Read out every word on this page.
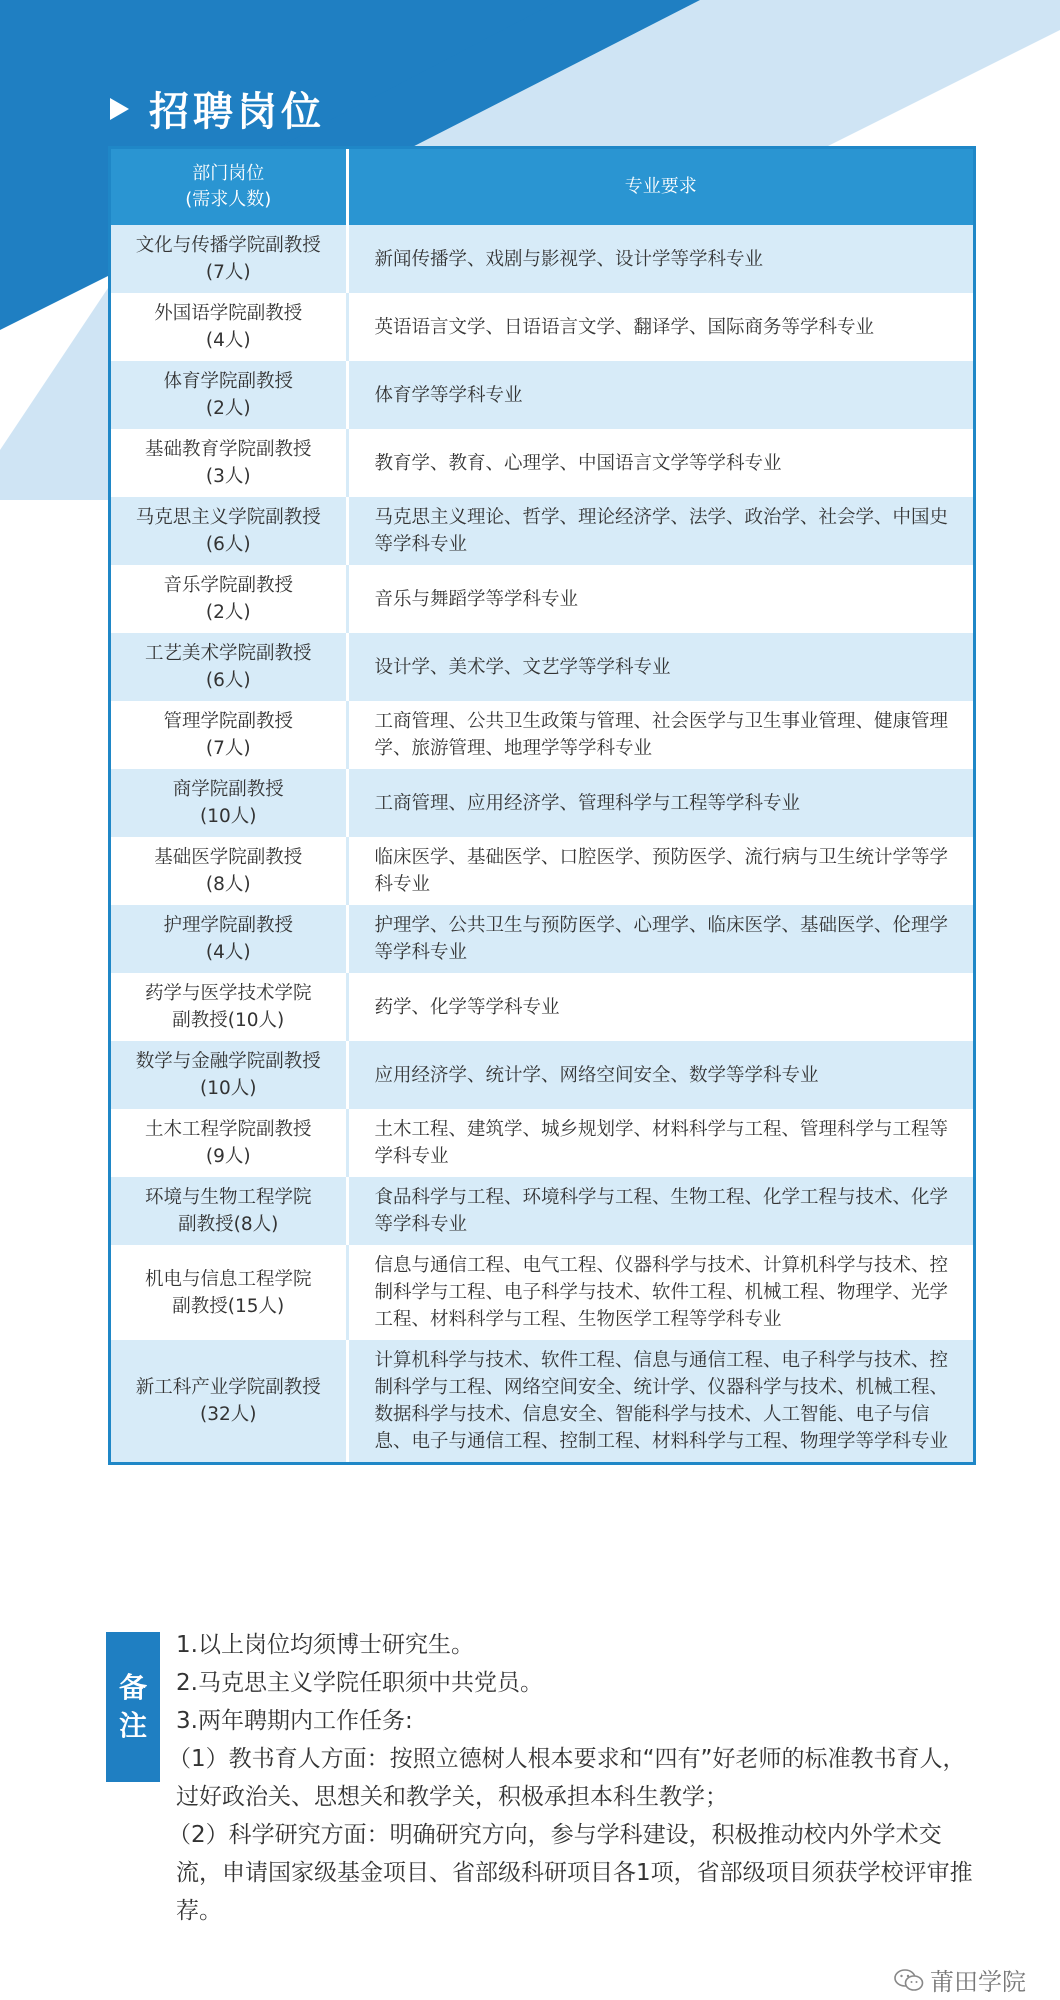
招聘岗位
部门岗位
(需求人数)	专业要求

文化与传播学院副教授
(7人)	新闻传播学、戏剧与影视学、设计学等学科专业

外国语学院副教授
(4人)	英语语言文学、日语语言文学、翻译学、国际商务等学科专业

体育学院副教授
(2人)	体育学等学科专业

基础教育学院副教授
(3人)	教育学、教育、心理学、中国语言文学等学科专业

马克思主义学院副教授
(6人)	马克思主义理论、哲学、理论经济学、法学、政治学、社会学、中国史等学科专业

音乐学院副教授
(2人)	音乐与舞蹈学等学科专业

工艺美术学院副教授
(6人)	设计学、美术学、文艺学等学科专业

管理学院副教授
(7人)	工商管理、公共卫生政策与管理、社会医学与卫生事业管理、健康管理学、旅游管理、地理学等学科专业

商学院副教授
(10人)	工商管理、应用经济学、管理科学与工程等学科专业

基础医学院副教授
(8人)	临床医学、基础医学、口腔医学、预防医学、流行病与卫生统计学等学科专业

护理学院副教授
(4人)	护理学、公共卫生与预防医学、心理学、临床医学、基础医学、伦理学等学科专业

药学与医学技术学院
副教授(10人)	药学、化学等学科专业

数学与金融学院副教授
(10人)	应用经济学、统计学、网络空间安全、数学等学科专业

土木工程学院副教授
(9人)	土木工程、建筑学、城乡规划学、材料科学与工程、管理科学与工程等学科专业

环境与生物工程学院
副教授(8人)	食品科学与工程、环境科学与工程、生物工程、化学工程与技术、化学等学科专业

机电与信息工程学院
副教授(15人)	信息与通信工程、电气工程、仪器科学与技术、计算机科学与技术、控制科学与工程、电子科学与技术、软件工程、机械工程、物理学、光学工程、材料科学与工程、生物医学工程等学科专业

新工科产业学院副教授
(32人)	计算机科学与技术、软件工程、信息与通信工程、电子科学与技术、控制科学与工程、网络空间安全、统计学、仪器科学与技术、机械工程、数据科学与技术、信息安全、智能科学与技术、人工智能、电子与信息、电子与通信工程、控制工程、材料科学与工程、物理学等学科专业
备
注

1.以上岗位均须博士研究生。

2.马克思主义学院任职须中共党员。

3.两年聘期内工作任务:

（1）教书育人方面：按照立德树人根本要求和“四有”好老师的标准教书育人，过好政治关、思想关和教学关，积极承担本科生教学；

（2）科学研究方面：明确研究方向，参与学科建设，积极推动校内外学术交流，申请国家级基金项目、省部级科研项目各1项，省部级项目须获学校评审推荐。

莆田学院
